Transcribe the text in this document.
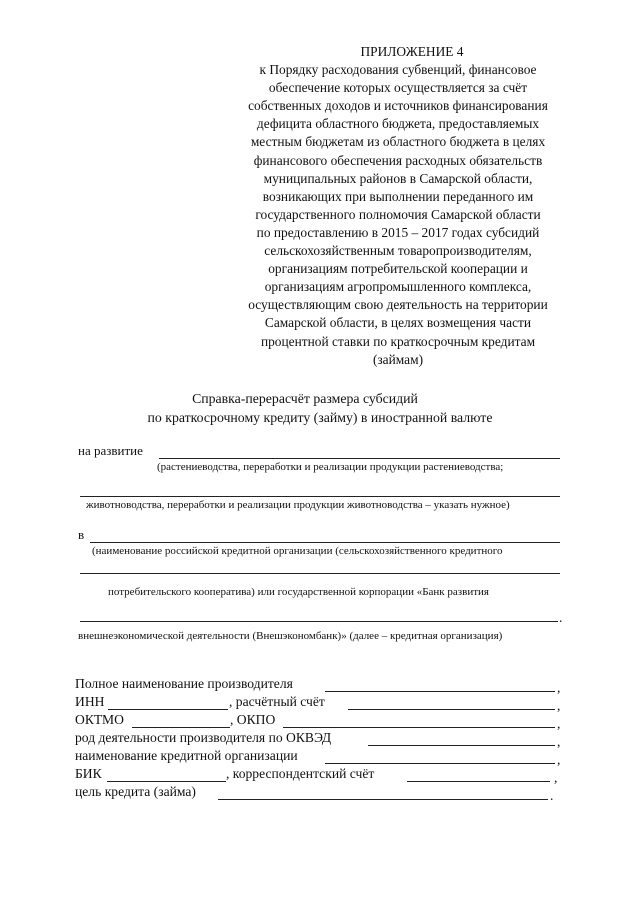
ПРИЛОЖЕНИЕ 4
к Порядку расходования субвенций, финансовое
обеспечение которых осуществляется за счёт
собственных доходов и источников финансирования
дефицита областного бюджета, предоставляемых
местным бюджетам из областного бюджета в целях
финансового обеспечения расходных обязательств
муниципальных районов в Самарской области,
возникающих при выполнении переданного им
государственного полномочия Самарской области
по предоставлению в 2015 – 2017 годах субсидий
сельскохозяйственным товаропроизводителям,
организациям потребительской кооперации и
организациям агропромышленного комплекса,
осуществляющим свою деятельность на территории
Самарской области, в целях возмещения части
процентной ставки по краткосрочным кредитам
(займам)
Справка-перерасчёт размера субсидий
по краткосрочному кредиту (займу) в иностранной валюте
на развитие
(растениеводства, переработки и реализации продукции растениеводства;
животноводства, переработки и реализации продукции животноводства – указать нужное)
в
(наименование российской кредитной организации (сельскохозяйственного кредитного
потребительского кооператива) или государственной корпорации «Банк развития
.
внешнеэкономической деятельности (Внешэкономбанк)» (далее – кредитная организация)
Полное наименование производителя	,
ИНН	, расчётный счёт	,
ОКТМО	, ОКПО	,
род деятельности производителя по ОКВЭД	,
наименование кредитной организации	,
БИК	, корреспондентский счёт	,
цель кредита (займа)	.
